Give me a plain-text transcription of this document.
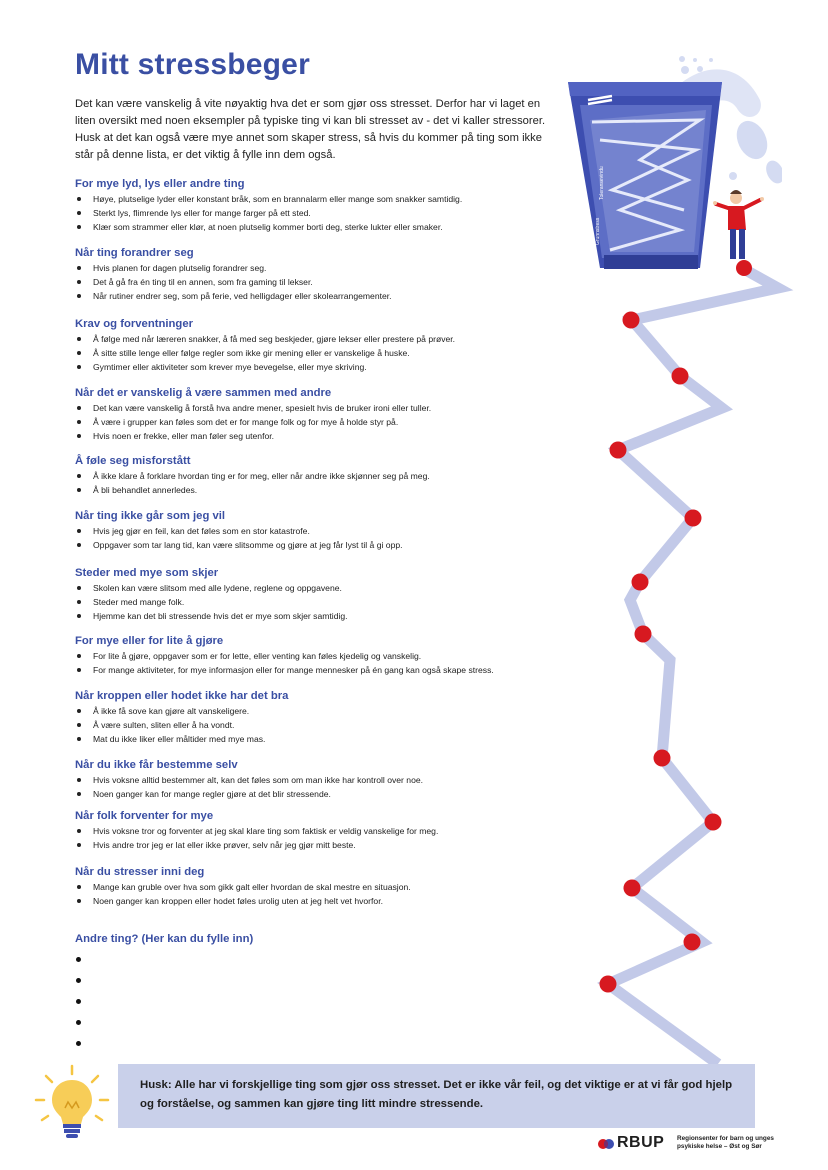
Toleransevindu
Grunnstress
Mitt stressbeger
Det kan være vanskelig å vite nøyaktig hva det er som gjør oss stresset. Derfor har vi laget en liten oversikt med noen eksempler på typiske ting vi kan bli stresset av - det vi kaller stressorer. Husk at det kan også være mye annet som skaper stress, så hvis du kommer på ting som ikke står på denne lista, er det viktig å fylle inn dem også.
For mye lyd, lys eller andre ting
Høye, plutselige lyder eller konstant bråk, som en brannalarm eller mange som snakker samtidig.
Sterkt lys, flimrende lys eller for mange farger på ett sted.
Klær som strammer eller klør, at noen plutselig kommer borti deg, sterke lukter eller smaker.
Når ting forandrer seg
Hvis planen for dagen plutselig forandrer seg.
Det å gå fra én ting til en annen, som fra gaming til lekser.
Når rutiner endrer seg, som på ferie, ved helligdager eller skolearrangementer.
Krav og forventninger
Å følge med når læreren snakker, å få med seg beskjeder, gjøre lekser eller prestere på prøver.
Å sitte stille lenge eller følge regler som ikke gir mening eller er vanskelige å huske.
Gymtimer eller aktiviteter som krever mye bevegelse, eller mye skriving.
Når det er vanskelig å være sammen med andre
Det kan være vanskelig å forstå hva andre mener, spesielt hvis de bruker ironi eller tuller.
Å være i grupper kan føles som det er for mange folk og for mye å holde styr på.
Hvis noen er frekke, eller man føler seg utenfor.
Å føle seg misforstått
Å ikke klare å forklare hvordan ting er for meg, eller når andre ikke skjønner seg på meg.
Å bli behandlet annerledes.
Når ting ikke går som jeg vil
Hvis jeg gjør en feil, kan det føles som en stor katastrofe.
Oppgaver som tar lang tid, kan være slitsomme og gjøre at jeg får lyst til å gi opp.
Steder med mye som skjer
Skolen kan være slitsom med alle lydene, reglene og oppgavene.
Steder med mange folk.
Hjemme kan det bli stressende hvis det er mye som skjer samtidig.
For mye eller for lite å gjøre
For lite å gjøre, oppgaver som er for lette, eller venting kan føles kjedelig og vanskelig.
For mange aktiviteter, for mye informasjon eller for mange mennesker på én gang kan også skape stress.
Når kroppen eller hodet ikke har det bra
Å ikke få sove kan gjøre alt vanskeligere.
Å være sulten, sliten eller å ha vondt.
Mat du ikke liker eller måltider med mye mas.
Når du ikke får bestemme selv
Hvis voksne alltid bestemmer alt, kan det føles som om man ikke har kontroll over noe.
Noen ganger kan for mange regler gjøre at det blir stressende.
Når folk forventer for mye
Hvis voksne tror og forventer at jeg skal klare ting som faktisk er veldig vanskelige for meg.
Hvis andre tror jeg er lat eller ikke prøver, selv når jeg gjør mitt beste.
Når du stresser inni deg
Mange kan gruble over hva som gikk galt eller hvordan de skal mestre en situasjon.
Noen ganger kan kroppen eller hodet føles urolig uten at jeg helt vet hvorfor.
Andre ting? (Her kan du fylle inn)
Husk: Alle har vi forskjellige ting som gjør oss stresset. Det er ikke vår feil, og det viktige er at vi får god hjelp og forståelse, og sammen kan gjøre ting litt mindre stressende.
RBUP Regionsenter for barn og unges
psykiske helse – Øst og Sør
